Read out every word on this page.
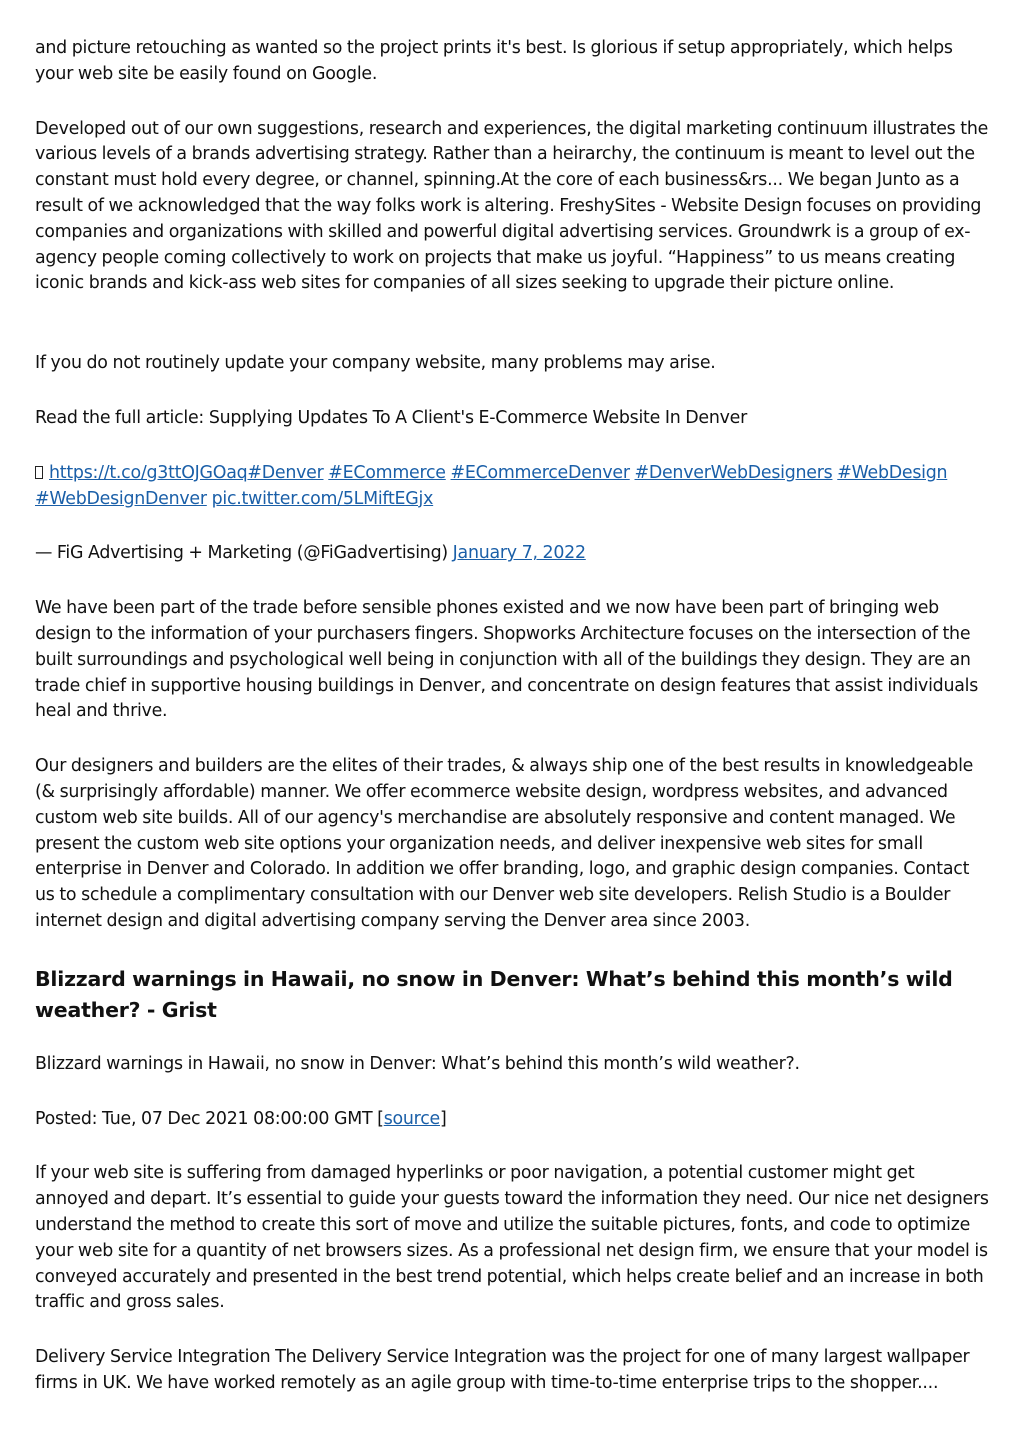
and picture retouching as wanted so the project prints it's best. Is glorious if setup appropriately, which helps your web site be easily found on Google.

Developed out of our own suggestions, research and experiences, the digital marketing continuum illustrates the various levels of a brands advertising strategy. Rather than a heirarchy, the continuum is meant to level out the constant must hold every degree, or channel, spinning.At the core of each business&rs... We began Junto as a result of we acknowledged that the way folks work is altering. FreshySites - Website Design focuses on providing companies and organizations with skilled and powerful digital advertising services. Groundwrk is a group of ex-agency people coming collectively to work on projects that make us joyful. “Happiness” to us means creating iconic brands and kick-ass web sites for companies of all sizes seeking to upgrade their picture online.

If you do not routinely update your company website, many problems may arise.

Read the full article: Supplying Updates To A Client's E-Commerce Website In Denver

https://t.co/g3ttOJGOaq#Denver #ECommerce #ECommerceDenver #DenverWebDesigners #WebDesign #WebDesignDenver pic.twitter.com/5LMiftEGjx

— FiG Advertising + Marketing (@FiGadvertising) January 7, 2022

We have been part of the trade before sensible phones existed and we now have been part of bringing web design to the information of your purchasers fingers. Shopworks Architecture focuses on the intersection of the built surroundings and psychological well being in conjunction with all of the buildings they design. They are an trade chief in supportive housing buildings in Denver, and concentrate on design features that assist individuals heal and thrive.

Our designers and builders are the elites of their trades, & always ship one of the best results in knowledgeable (& surprisingly affordable) manner. We offer ecommerce website design, wordpress websites, and advanced custom web site builds. All of our agency's merchandise are absolutely responsive and content managed. We present the custom web site options your organization needs, and deliver inexpensive web sites for small enterprise in Denver and Colorado. In addition we offer branding, logo, and graphic design companies. Contact us to schedule a complimentary consultation with our Denver web site developers. Relish Studio is a Boulder internet design and digital advertising company serving the Denver area since 2003.

Blizzard warnings in Hawaii, no snow in Denver: What’s behind this month’s wild weather? - Grist

Blizzard warnings in Hawaii, no snow in Denver: What’s behind this month’s wild weather?.

Posted: Tue, 07 Dec 2021 08:00:00 GMT [source]

If your web site is suffering from damaged hyperlinks or poor navigation, a potential customer might get annoyed and depart. It’s essential to guide your guests toward the information they need. Our nice net designers understand the method to create this sort of move and utilize the suitable pictures, fonts, and code to optimize your web site for a quantity of net browsers sizes. As a professional net design firm, we ensure that your model is conveyed accurately and presented in the best trend potential, which helps create belief and an increase in both traffic and gross sales.

Delivery Service Integration The Delivery Service Integration was the project for one of many largest wallpaper firms in UK. We have worked remotely as an agile group with time-to-time enterprise trips to the shopper....
